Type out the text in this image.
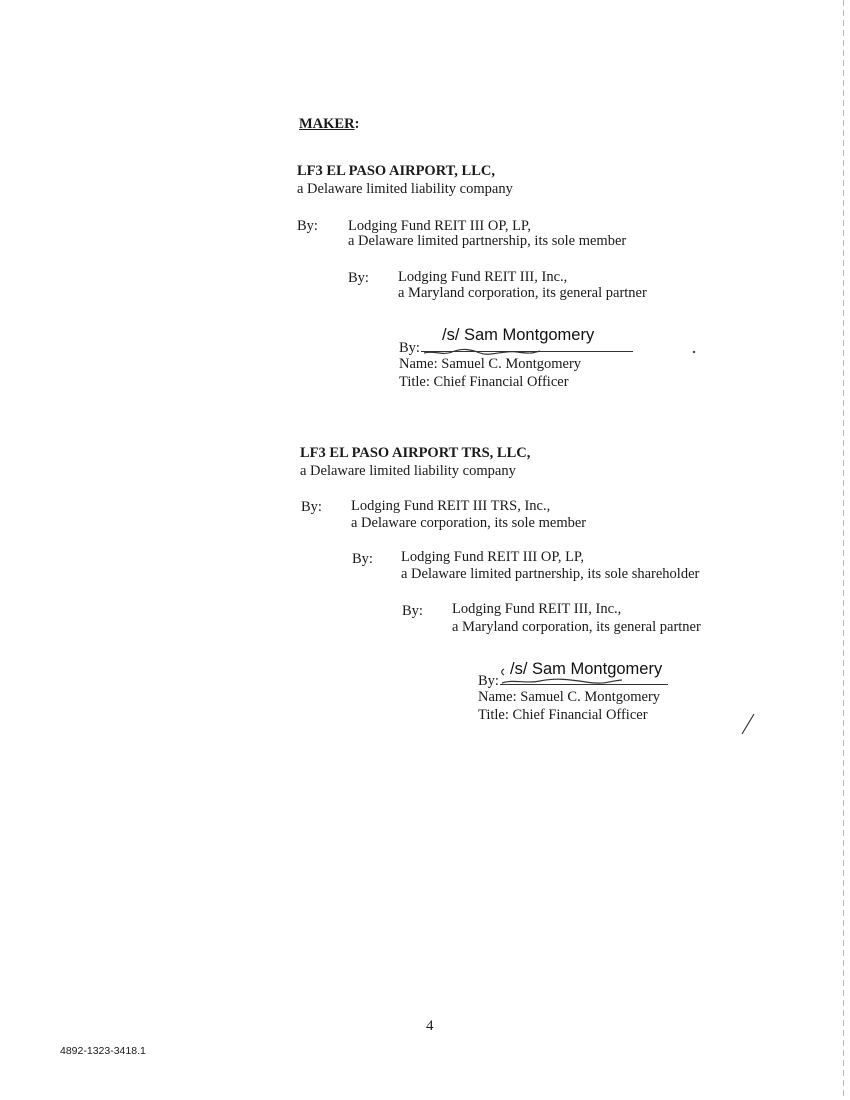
MAKER:
LF3 EL PASO AIRPORT, LLC,
a Delaware limited liability company
By: Lodging Fund REIT III OP, LP,
a Delaware limited partnership, its sole member
By: Lodging Fund REIT III, Inc.,
a Maryland corporation, its general partner
/s/ Sam Montgomery
By:
Name: Samuel C. Montgomery
Title: Chief Financial Officer
LF3 EL PASO AIRPORT TRS, LLC,
a Delaware limited liability company
By: Lodging Fund REIT III TRS, Inc.,
a Delaware corporation, its sole member
By: Lodging Fund REIT III OP, LP,
a Delaware limited partnership, its sole shareholder
By: Lodging Fund REIT III, Inc.,
a Maryland corporation, its general partner
/s/ Sam Montgomery
By:
Name: Samuel C. Montgomery
Title: Chief Financial Officer
4
4892-1323-3418.1
